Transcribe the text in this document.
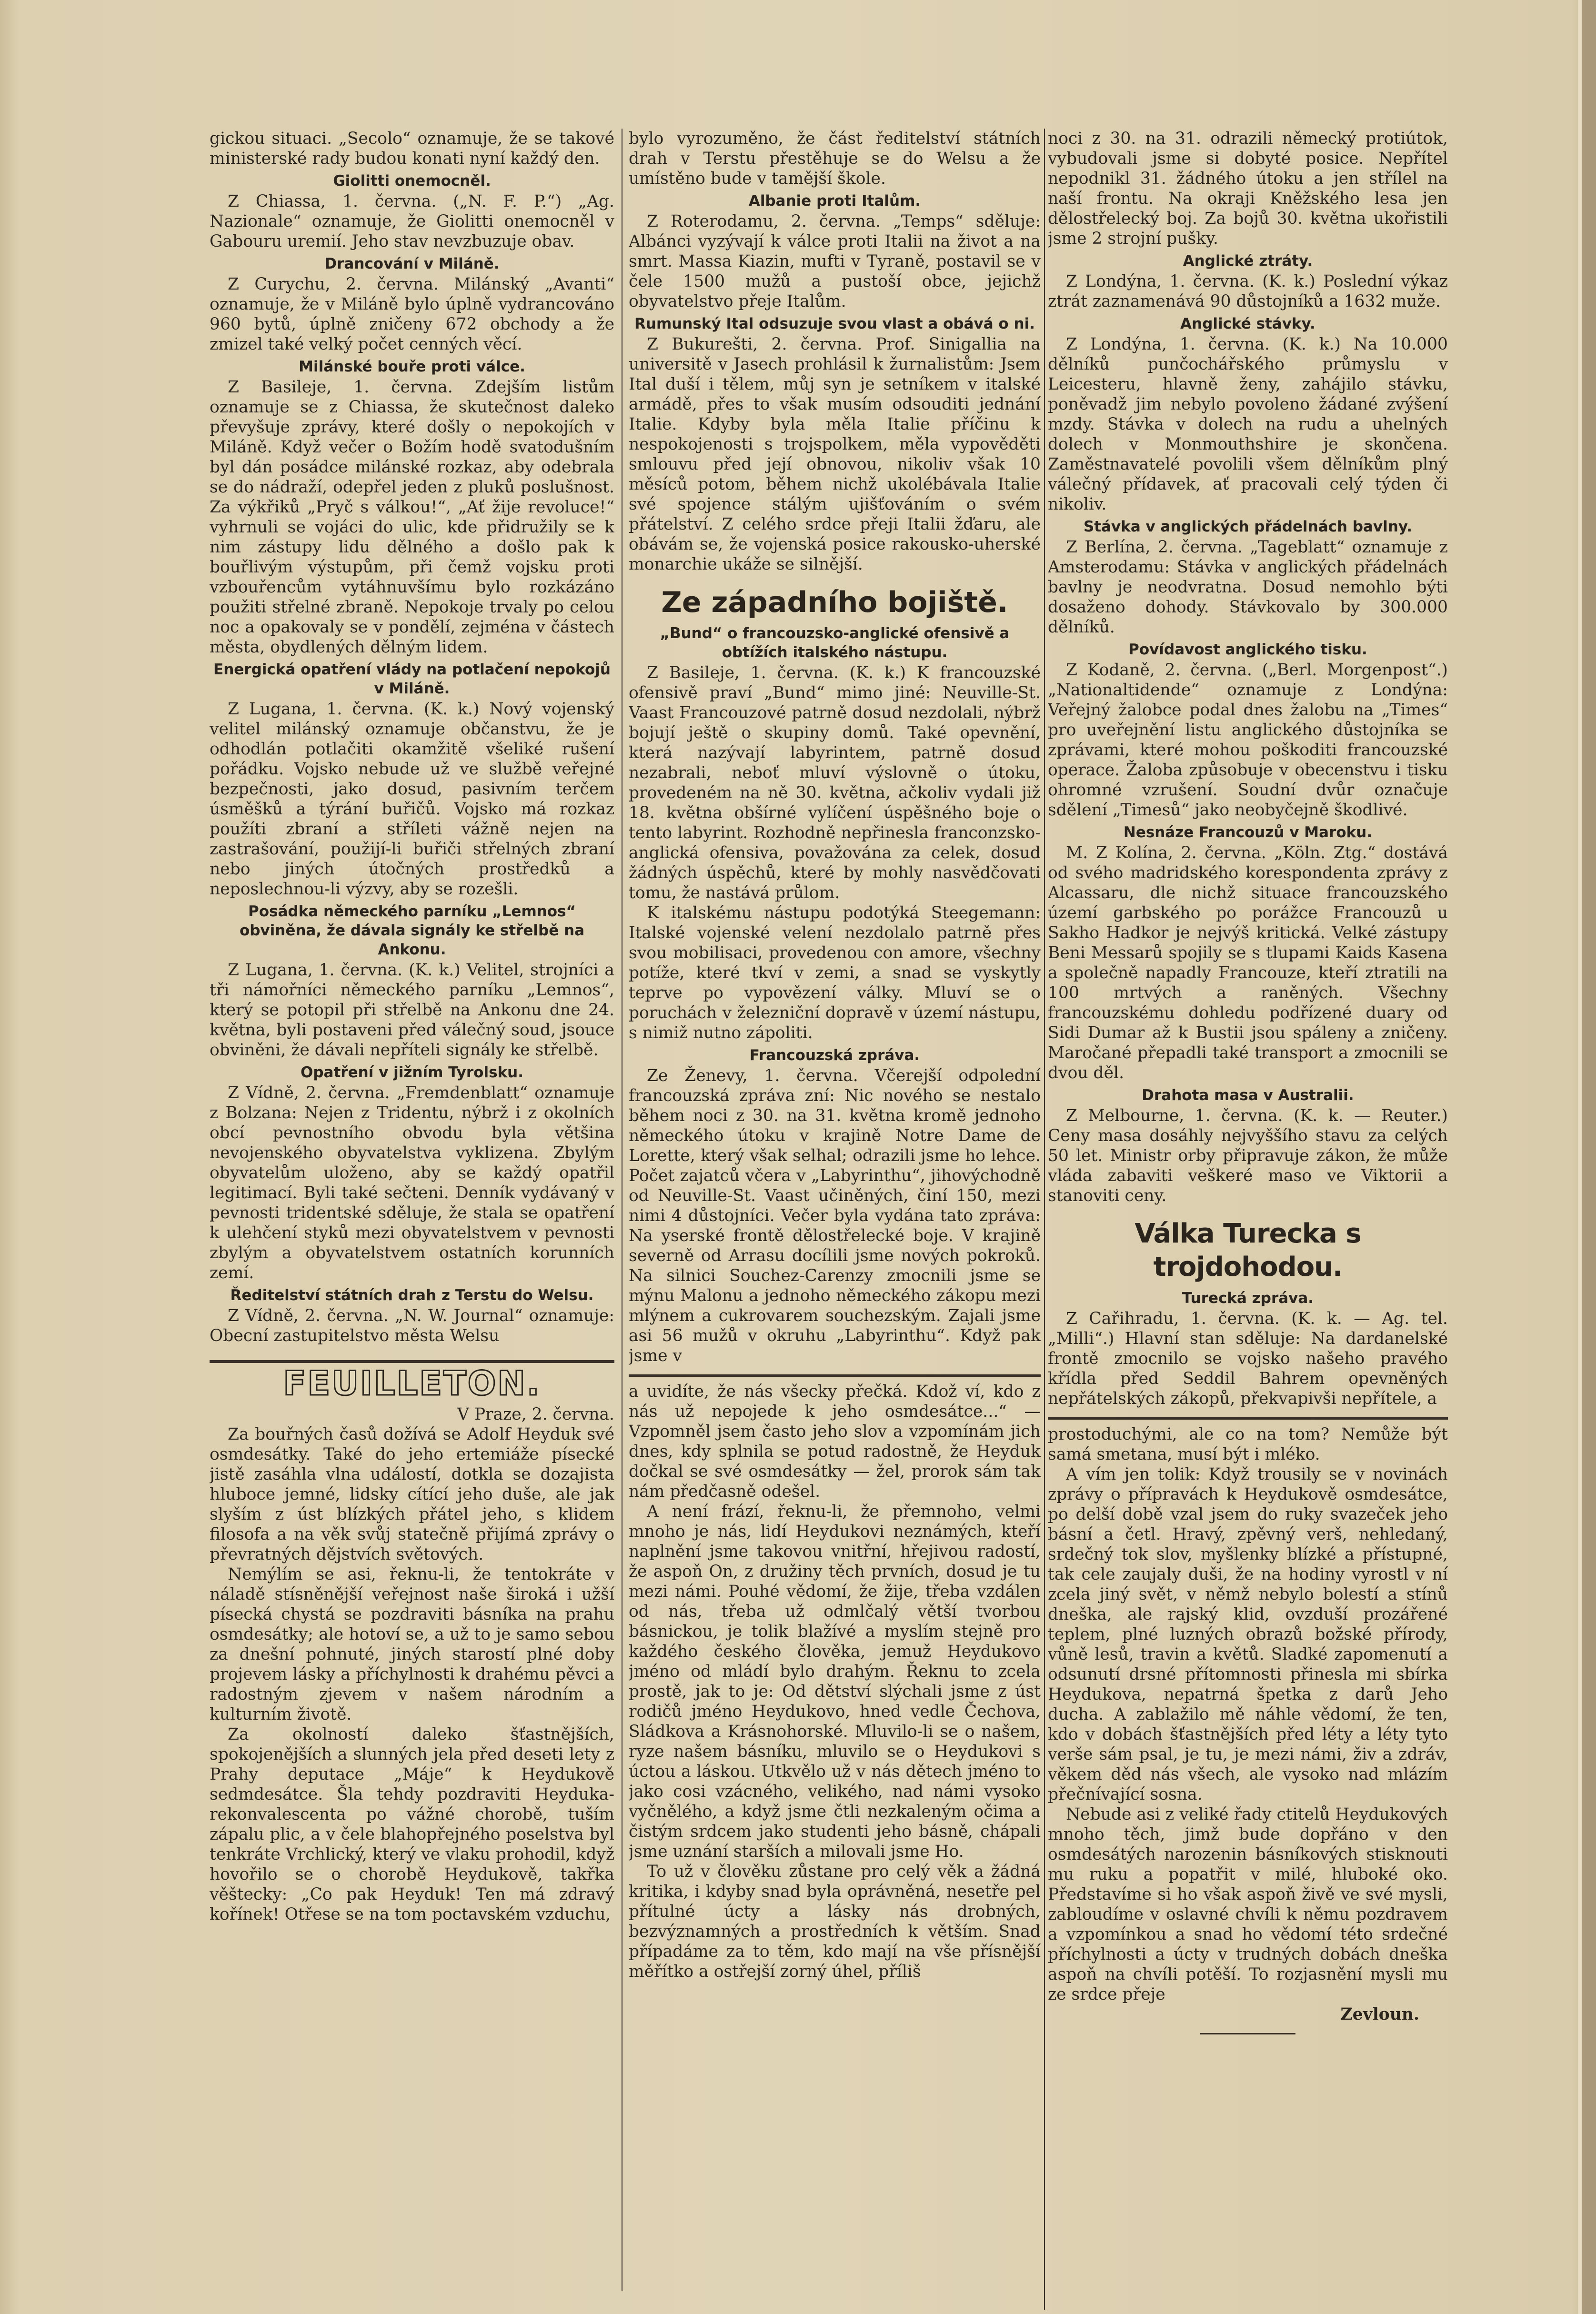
gickou situaci. „Secolo“ oznamuje, že se takové ministerské rady budou konati nyní každý den.

Giolitti onemocněl.

Z Chiassa, 1. června. („N. F. P.“) „Ag. Nazionale“ oznamuje, že Giolitti onemocněl v Gabouru uremií. Jeho stav nevzbuzuje obav.

Drancování v Miláně.

Z Curychu, 2. června. Milánský „Avanti“ oznamuje, že v Miláně bylo úplně vydrancováno 960 bytů, úplně zničeny 672 obchody a že zmizel také velký počet cenných věcí.

Milánské bouře proti válce.

Z Basileje, 1. června. Zdejším listům oznamuje se z Chiassa, že skutečnost daleko převyšuje zprávy, které došly o nepokojích v Miláně. Když večer o Božím hodě svatodušním byl dán posádce milánské rozkaz, aby odebrala se do nádraží, odepřel jeden z pluků poslušnost. Za výkřiků „Pryč s válkou!“, „Ať žije revoluce!“ vyhrnuli se vojáci do ulic, kde přidružily se k nim zástupy lidu dělného a došlo pak k bouřlivým výstupům, při čemž vojsku proti vzbouřencům vytáhnuvšímu bylo rozkázáno použiti střelné zbraně. Nepokoje trvaly po celou noc a opakovaly se v pondělí, zejména v částech města, obydlených dělným lidem.

Energická opatření vlády na potlačení nepokojů v Miláně.

Z Lugana, 1. června. (K. k.) Nový vojenský velitel milánský oznamuje občanstvu, že je odhodlán potlačiti okamžitě všeliké rušení pořádku. Vojsko nebude už ve službě veřejné bezpečnosti, jako dosud, pasivním terčem úsměšků a týrání buřičů. Vojsko má rozkaz použíti zbraní a stříleti vážně nejen na zastrašování, použijí-li buřiči střelných zbraní nebo jiných útočných prostředků a neposlechnou-li výzvy, aby se rozešli.

Posádka německého parníku „Lemnos“ obviněna, že dávala signály ke střelbě na Ankonu.

Z Lugana, 1. června. (K. k.) Velitel, strojníci a tři námořníci německého parníku „Lemnos“, který se potopil při střelbě na Ankonu dne 24. května, byli postaveni před válečný soud, jsouce obviněni, že dávali nepříteli signály ke střelbě.

Opatření v jižním Tyrolsku.

Z Vídně, 2. června. „Fremdenblatt“ oznamuje z Bolzana: Nejen z Tridentu, nýbrž i z okolních obcí pevnostního obvodu byla většina nevojenského obyvatelstva vyklizena. Zbylým obyvatelům uloženo, aby se každý opatřil legitimací. Byli také sečteni. Denník vydávaný v pevnosti tridentské sděluje, že stala se opatření k ulehčení styků mezi obyvatelstvem v pevnosti zbylým a obyvatelstvem ostatních korunních zemí.

Ředitelství státních drah z Terstu do Welsu.

Z Vídně, 2. června. „N. W. Journal“ oznamuje: Obecní zastupitelstvo města Welsu

FEUILLETON.
V Praze, 2. června.

Za bouřných časů dožívá se Adolf Heyduk své osmdesátky. Také do jeho ertemiáže písecké jistě zasáhla vlna událostí, dotkla se dozajista hluboce jemné, lidsky cítící jeho duše, ale jak slyším z úst blízkých přátel jeho, s klidem filosofa a na věk svůj statečně přijímá zprávy o převratných dějstvích světových.

Nemýlím se asi, řeknu-li, že tentokráte v náladě stísněnější veřejnost naše široká i užší písecká chystá se pozdraviti básníka na prahu osmdesátky; ale hotoví se, a už to je samo sebou za dnešní pohnuté, jiných starostí plné doby projevem lásky a příchylnosti k drahému pěvci a radostným zjevem v našem národním a kulturním životě.

Za okolností daleko šťastnějších, spokojenějších a slunných jela před deseti lety z Prahy deputace „Máje“ k Heydukově sedmdesátce. Šla tehdy pozdraviti Heyduka-rekonvalescenta po vážné chorobě, tuším zápalu plic, a v čele blahopřejného poselstva byl tenkráte Vrchlický, který ve vlaku prohodil, když hovořilo se o chorobě Heydukově, takřka věštecky: „Co pak Heyduk! Ten má zdravý kořínek! Otřese se na tom poctavském vzduchu,

bylo vyrozuměno, že část ředitelství státních drah v Terstu přestěhuje se do Welsu a že umístěno bude v tamější škole.

Albanie proti Italům.

Z Roterodamu, 2. června. „Temps“ sděluje: Albánci vyzývají k válce proti Italii na život a na smrt. Massa Kiazin, mufti v Tyraně, postavil se v čele 1500 mužů a pustoší obce, jejichž obyvatelstvo přeje Italům.

Rumunský Ital odsuzuje svou vlast a obává o ni.

Z Bukurešti, 2. června. Prof. Sinigallia na universitě v Jasech prohlásil k žurnalistům: Jsem Ital duší i tělem, můj syn je setníkem v italské armádě, přes to však musím odsouditi jednání Italie. Kdyby byla měla Italie příčinu k nespokojenosti s trojspolkem, měla vypověděti smlouvu před její obnovou, nikoliv však 10 měsíců potom, během nichž ukolébávala Italie své spojence stálým ujišťováním o svém přátelství. Z celého srdce přeji Italii žďaru, ale obávám se, že vojenská posice rakousko-uherské monarchie ukáže se silnější.

Ze západního bojiště.
„Bund“ o francouzsko-anglické ofensivě a obtížích italského nástupu.

Z Basileje, 1. června. (K. k.) K francouzské ofensivě praví „Bund“ mimo jiné: Neuville-St. Vaast Francouzové patrně dosud nezdolali, nýbrž bojují ještě o skupiny domů. Také opevnění, která nazývají labyrintem, patrně dosud nezabrali, neboť mluví výslovně o útoku, provedeném na ně 30. května, ačkoliv vydali již 18. května obšírné vylíčení úspěšného boje o tento labyrint. Rozhodně nepřinesla franconzsko-anglická ofensiva, považována za celek, dosud žádných úspěchů, které by mohly nasvědčovati tomu, že nastává průlom.

K italskému nástupu podotýká Steegemann: Italské vojenské velení nezdolalo patrně přes svou mobilisaci, provedenou con amore, všechny potíže, které tkví v zemi, a snad se vyskytly teprve po vypovězení války. Mluví se o poruchách v železniční dopravě v území nástupu, s nimiž nutno zápoliti.

Francouzská zpráva.

Ze Ženevy, 1. června. Včerejší odpolední francouzská zpráva zní: Nic nového se nestalo během noci z 30. na 31. května kromě jednoho německého útoku v krajině Notre Dame de Lorette, který však selhal; odrazili jsme ho lehce. Počet zajatců včera v „Labyrinthu“, jihovýchodně od Neuville-St. Vaast učiněných, činí 150, mezi nimi 4 důstojníci. Večer byla vydána tato zpráva: Na yserské frontě dělostřelecké boje. V krajině severně od Arrasu docílili jsme nových pokroků. Na silnici Souchez-Carenzy zmocnili jsme se mýnu Malonu a jednoho německého zákopu mezi mlýnem a cukrovarem souchezským. Zajali jsme asi 56 mužů v okruhu „Labyrinthu“. Když pak jsme v

a uvidíte, že nás všecky přečká. Kdož ví, kdo z nás už nepojede k jeho osmdesátce...“ — Vzpomněl jsem často jeho slov a vzpomínám jich dnes, kdy splnila se potud radostně, že Heyduk dočkal se své osmdesátky — žel, prorok sám tak nám předčasně odešel.

A není frází, řeknu-li, že přemnoho, velmi mnoho je nás, lidí Heydukovi neznámých, kteří naplnění jsme takovou vnitřní, hřejivou radostí, že aspoň On, z družiny těch prvních, dosud je tu mezi námi. Pouhé vědomí, že žije, třeba vzdálen od nás, třeba už odmlčalý větší tvorbou básnickou, je tolik blažívé a myslím stejně pro každého českého člověka, jemuž Heydukovo jméno od mládí bylo drahým. Řeknu to zcela prostě, jak to je: Od dětství slýchali jsme z úst rodičů jméno Heydukovo, hned vedle Čechova, Sládkova a Krásnohorské. Mluvilo-li se o našem, ryze našem básníku, mluvilo se o Heydukovi s úctou a láskou. Utkvělo už v nás dětech jméno to jako cosi vzácného, velikého, nad námi vysoko vyčnělého, a když jsme čtli nezkaleným očima a čistým srdcem jako studenti jeho básně, chápali jsme uznání starších a milovali jsme Ho.

To už v člověku zůstane pro celý věk a žádná kritika, i kdyby snad byla oprávněná, nesetře pel přítulné úcty a lásky nás drobných, bezvýznamných a prostředních k větším. Snad případáme za to těm, kdo mají na vše přísnější měřítko a ostřejší zorný úhel, příliš

noci z 30. na 31. odrazili německý protiútok, vybudovali jsme si dobyté posice. Nepřítel nepodnikl 31. žádného útoku a jen střílel na naší frontu. Na okraji Kněžského lesa jen dělostřelecký boj. Za bojů 30. května ukořistili jsme 2 strojní pušky.

Anglické ztráty.

Z Londýna, 1. června. (K. k.) Poslední výkaz ztrát zaznamenává 90 důstojníků a 1632 muže.

Anglické stávky.

Z Londýna, 1. června. (K. k.) Na 10.000 dělníků punčochářského průmyslu v Leicesteru, hlavně ženy, zahájilo stávku, poněvadž jim nebylo povoleno žádané zvýšení mzdy. Stávka v dolech na rudu a uhelných dolech v Monmouthshire je skončena. Zaměstnavatelé povolili všem dělníkům plný válečný přídavek, ať pracovali celý týden či nikoliv.

Stávka v anglických přádelnách bavlny.

Z Berlína, 2. června. „Tageblatt“ oznamuje z Amsterodamu: Stávka v anglických přádelnách bavlny je neodvratna. Dosud nemohlo býti dosaženo dohody. Stávkovalo by 300.000 dělníků.

Povídavost anglického tisku.

Z Kodaně, 2. června. („Berl. Morgenpost“.) „Nationaltidende“ oznamuje z Londýna: Veřejný žalobce podal dnes žalobu na „Times“ pro uveřejnění listu anglického důstojníka se zprávami, které mohou poškoditi francouzské operace. Žaloba způsobuje v obecenstvu i tisku ohromné vzrušení. Soudní dvůr označuje sdělení „Timesů“ jako neobyčejně škodlivé.

Nesnáze Francouzů v Maroku.

M. Z Kolína, 2. června. „Köln. Ztg.“ dostává od svého madridského korespondenta zprávy z Alcassaru, dle nichž situace francouzského území garbského po porážce Francouzů u Sakho Hadkor je nejvýš kritická. Velké zástupy Beni Messarů spojily se s tlupami Kaids Kasena a společně napadly Francouze, kteří ztratili na 100 mrtvých a raněných. Všechny francouzskému dohledu podřízené duary od Sidi Dumar až k Bustii jsou spáleny a zničeny. Maročané přepadli také transport a zmocnili se dvou děl.

Drahota masa v Australii.

Z Melbourne, 1. června. (K. k. — Reuter.) Ceny masa dosáhly nejvyššího stavu za celých 50 let. Ministr orby připravuje zákon, že může vláda zabaviti veškeré maso ve Viktorii a stanoviti ceny.

Válka Turecka s trojdohodou.
Turecká zpráva.

Z Cařihradu, 1. června. (K. k. — Ag. tel. „Milli“.) Hlavní stan sděluje: Na dardanelské frontě zmocnilo se vojsko našeho pravého křídla před Seddil Bahrem opevněných nepřátelských zákopů, překvapivši nepřítele, a

prostoduchými, ale co na tom? Nemůže být samá smetana, musí být i mléko.

A vím jen tolik: Když trousily se v novinách zprávy o přípravách k Heydukově osmdesátce, po delší době vzal jsem do ruky svazeček jeho básní a četl. Hravý, zpěvný verš, nehledaný, srdečný tok slov, myšlenky blízké a přístupné, tak cele zaujaly duši, že na hodiny vyrostl v ní zcela jiný svět, v němž nebylo bolestí a stínů dneška, ale rajský klid, ovzduší prozářené teplem, plné luzných obrazů božské přírody, vůně lesů, travin a květů. Sladké zapomenutí a odsunutí drsné přítomnosti přinesla mi sbírka Heydukova, nepatrná špetka z darů Jeho ducha. A zablažilo mě náhle vědomí, že ten, kdo v dobách šťastnějších před léty a léty tyto verše sám psal, je tu, je mezi námi, živ a zdráv, věkem děd nás všech, ale vysoko nad mlázím přečnívající sosna.

Nebude asi z veliké řady ctitelů Heydukových mnoho těch, jimž bude dopřáno v den osmdesátých narozenin básníkových stisknouti mu ruku a popatřit v milé, hluboké oko. Představíme si ho však aspoň živě ve své mysli, zabloudíme v oslavné chvíli k němu pozdravem a vzpomínkou a snad ho vědomí této srdečné příchylnosti a úcty v trudných dobách dneška aspoň na chvíli potěší. To rozjasnění mysli mu ze srdce přeje

Zevloun.
